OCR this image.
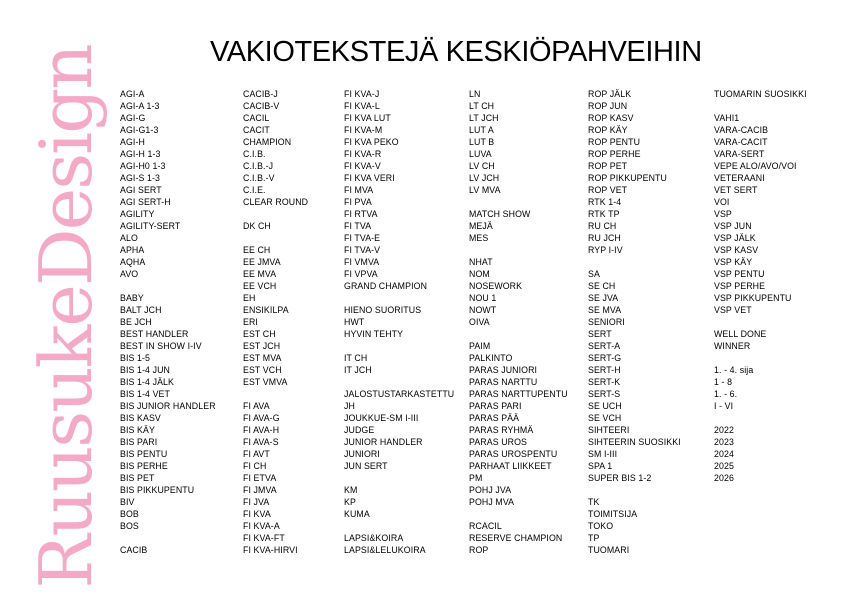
RuusukeDesign	VAKIOTEKSTEJÄ KESKIÖPAHVEIHIN
AGI-A
AGI-A 1-3
AGI-G
AGI-G1-3
AGI-H
AGI-H 1-3
AGI-H0 1-3
AGI-S 1-3
AGI SERT
AGI SERT-H
AGILITY
AGILITY-SERT
ALO
APHA
AQHA
AVO
BABY
BALT JCH
BE JCH
BEST HANDLER
BEST IN SHOW I-IV
BIS 1-5
BIS 1-4 JUN
BIS 1-4 JÄLK
BIS 1-4 VET
BIS JUNIOR HANDLER
BIS KASV
BIS KÄY
BIS PARI
BIS PENTU
BIS PERHE
BIS PET
BIS PIKKUPENTU
BIV
BOB
BOS
CACIB
CACIB-J
CACIB-V
CACIL
CACIT
CHAMPION
C.I.B.
C.I.B.-J
C.I.B.-V
C.I.E.
CLEAR ROUND
DK CH
EE CH
EE JMVA
EE MVA
EE VCH
EH
ENSIKILPA
ERI
EST CH
EST JCH
EST MVA
EST VCH
EST VMVA
FI AVA
FI AVA-G
FI AVA-H
FI AVA-S
FI AVT
FI CH
FI ETVA
FI JMVA
FI JVA
FI KVA
FI KVA-A
FI KVA-FT
FI KVA-HIRVI
FI KVA-J
FI KVA-L
FI KVA LUT
FI KVA-M
FI KVA PEKO
FI KVA-R
FI KVA-V
FI KVA VERI
FI MVA
FI PVA
FI RTVA
FI TVA
FI TVA-E
FI TVA-V
FI VMVA
FI VPVA
GRAND CHAMPION
HIENO SUORITUS
HWT
HYVIN TEHTY
IT CH
IT JCH
JALOSTUSTARKASTETTU
JH
JOUKKUE-SM I-III
JUDGE
JUNIOR HANDLER
JUNIORI
JUN SERT
KM
KP
KUMA
LAPSI&KOIRA
LAPSI&LELUKOIRA
LN
LT CH
LT JCH
LUT A
LUT B
LUVA
LV CH
LV JCH
LV MVA
MATCH SHOW
MEJÄ
MES
NHAT
NOM
NOSEWORK
NOU 1
NOWT
OIVA
PAIM
PALKINTO
PARAS JUNIORI
PARAS NARTTU
PARAS NARTTUPENTU
PARAS PARI
PARAS PÄÄ
PARAS RYHMÄ
PARAS UROS
PARAS UROSPENTU
PARHAAT LIIKKEET
PM
POHJ JVA
POHJ MVA
RCACIL
RESERVE CHAMPION
ROP
ROP JÄLK
ROP JUN
ROP KASV
ROP KÄY
ROP PENTU
ROP PERHE
ROP PET
ROP PIKKUPENTU
ROP VET
RTK 1-4
RTK TP
RU CH
RU JCH
RYP I-IV
SA
SE CH
SE JVA
SE MVA
SENIORI
SERT
SERT-A
SERT-G
SERT-H
SERT-K
SERT-S
SE UCH
SE VCH
SIHTEERI
SIHTEERIN SUOSIKKI
SM I-III
SPA 1
SUPER BIS 1-2
TK
TOIMITSIJA
TOKO
TP
TUOMARI
TUOMARIN SUOSIKKI
VAHI1
VARA-CACIB
VARA-CACIT
VARA-SERT
VEPE ALO/AVO/VOI
VETERAANI
VET SERT
VOI
VSP
VSP JUN
VSP JÄLK
VSP KASV
VSP KÄY
VSP PENTU
VSP PERHE
VSP PIKKUPENTU
VSP VET
WELL DONE
WINNER
1. - 4. sija
1 - 8
1. - 6.
I - VI
2022
2023
2024
2025
2026
